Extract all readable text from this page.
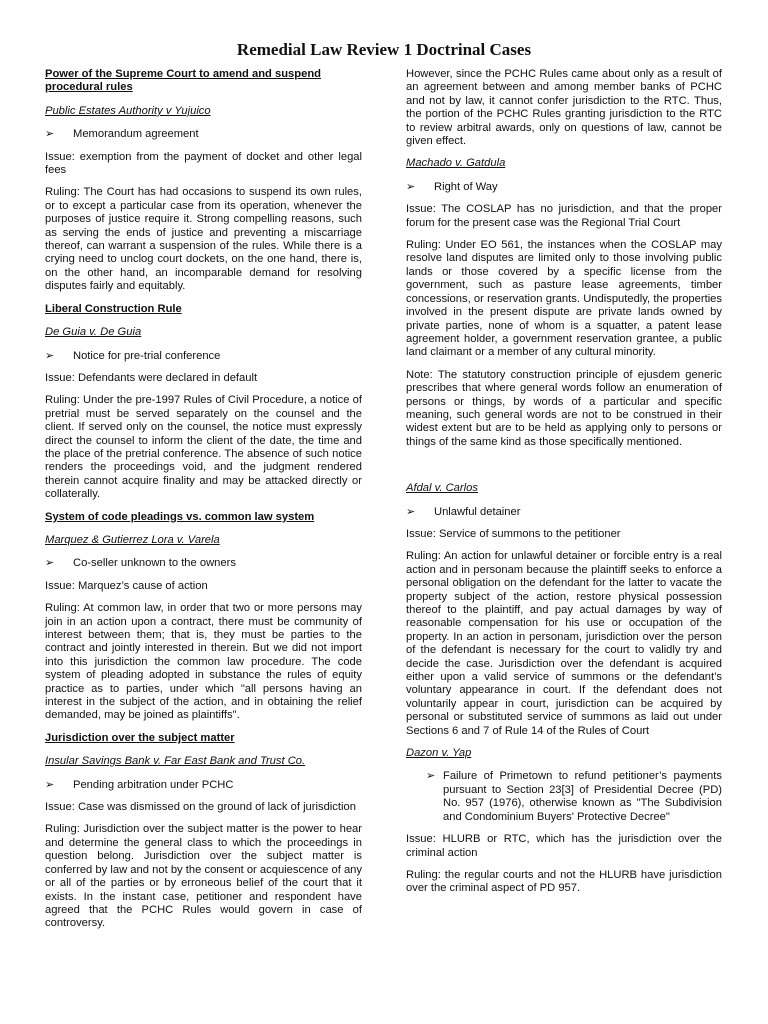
Remedial Law Review 1 Doctrinal Cases
Power of the Supreme Court to amend and suspend procedural rules
Public Estates Authority v Yujuico
➢ Memorandum agreement
Issue: exemption from the payment of docket and other legal fees
Ruling: The Court has had occasions to suspend its own rules, or to except a particular case from its operation, whenever the purposes of justice require it. Strong compelling reasons, such as serving the ends of justice and preventing a miscarriage thereof, can warrant a suspension of the rules. While there is a crying need to unclog court dockets, on the one hand, there is, on the other hand, an incomparable demand for resolving disputes fairly and equitably.
Liberal Construction Rule
De Guia v. De Guia
➢ Notice for pre-trial conference
Issue: Defendants were declared in default
Ruling: Under the pre-1997 Rules of Civil Procedure, a notice of pretrial must be served separately on the counsel and the client. If served only on the counsel, the notice must expressly direct the counsel to inform the client of the date, the time and the place of the pretrial conference. The absence of such notice renders the proceedings void, and the judgment rendered therein cannot acquire finality and may be attacked directly or collaterally.
System of code pleadings vs. common law system
Marquez & Gutierrez Lora v. Varela
➢ Co-seller unknown to the owners
Issue: Marquez’s cause of action
Ruling: At common law, in order that two or more persons may join in an action upon a contract, there must be community of interest between them; that is, they must be parties to the contract and jointly interested in therein. But we did not import into this jurisdiction the common law procedure. The code system of pleading adopted in substance the rules of equity practice as to parties, under which "all persons having an interest in the subject of the action, and in obtaining the relief demanded, may be joined as plaintiffs".
Jurisdiction over the subject matter
Insular Savings Bank v. Far East Bank and Trust Co.
➢ Pending arbitration under PCHC
Issue: Case was dismissed on the ground of lack of jurisdiction
Ruling: Jurisdiction over the subject matter is the power to hear and determine the general class to which the proceedings in question belong. Jurisdiction over the subject matter is conferred by law and not by the consent or acquiescence of any or all of the parties or by erroneous belief of the court that it exists. In the instant case, petitioner and respondent have agreed that the PCHC Rules would govern in case of controversy.
However, since the PCHC Rules came about only as a result of an agreement between and among member banks of PCHC and not by law, it cannot confer jurisdiction to the RTC. Thus, the portion of the PCHC Rules granting jurisdiction to the RTC to review arbitral awards, only on questions of law, cannot be given effect.
Machado v. Gatdula
➢ Right of Way
Issue: The COSLAP has no jurisdiction, and that the proper forum for the present case was the Regional Trial Court
Ruling: Under EO 561, the instances when the COSLAP may resolve land disputes are limited only to those involving public lands or those covered by a specific license from the government, such as pasture lease agreements, timber concessions, or reservation grants. Undisputedly, the properties involved in the present dispute are private lands owned by private parties, none of whom is a squatter, a patent lease agreement holder, a government reservation grantee, a public land claimant or a member of any cultural minority.
Note: The statutory construction principle of ejusdem generic prescribes that where general words follow an enumeration of persons or things, by words of a particular and specific meaning, such general words are not to be construed in their widest extent but are to be held as applying only to persons or things of the same kind as those specifically mentioned.
Afdal v. Carlos
➢ Unlawful detainer
Issue: Service of summons to the petitioner
Ruling: An action for unlawful detainer or forcible entry is a real action and in personam because the plaintiff seeks to enforce a personal obligation on the defendant for the latter to vacate the property subject of the action, restore physical possession thereof to the plaintiff, and pay actual damages by way of reasonable compensation for his use or occupation of the property. In an action in personam, jurisdiction over the person of the defendant is necessary for the court to validly try and decide the case. Jurisdiction over the defendant is acquired either upon a valid service of summons or the defendant’s voluntary appearance in court. If the defendant does not voluntarily appear in court, jurisdiction can be acquired by personal or substituted service of summons as laid out under Sections 6 and 7 of Rule 14 of the Rules of Court
Dazon v. Yap
➢ Failure of Primetown to refund petitioner’s payments pursuant to Section 23[3] of Presidential Decree (PD) No. 957 (1976), otherwise known as "The Subdivision and Condominium Buyers' Protective Decree"
Issue: HLURB or RTC, which has the jurisdiction over the criminal action
Ruling: the regular courts and not the HLURB have jurisdiction over the criminal aspect of PD 957.
